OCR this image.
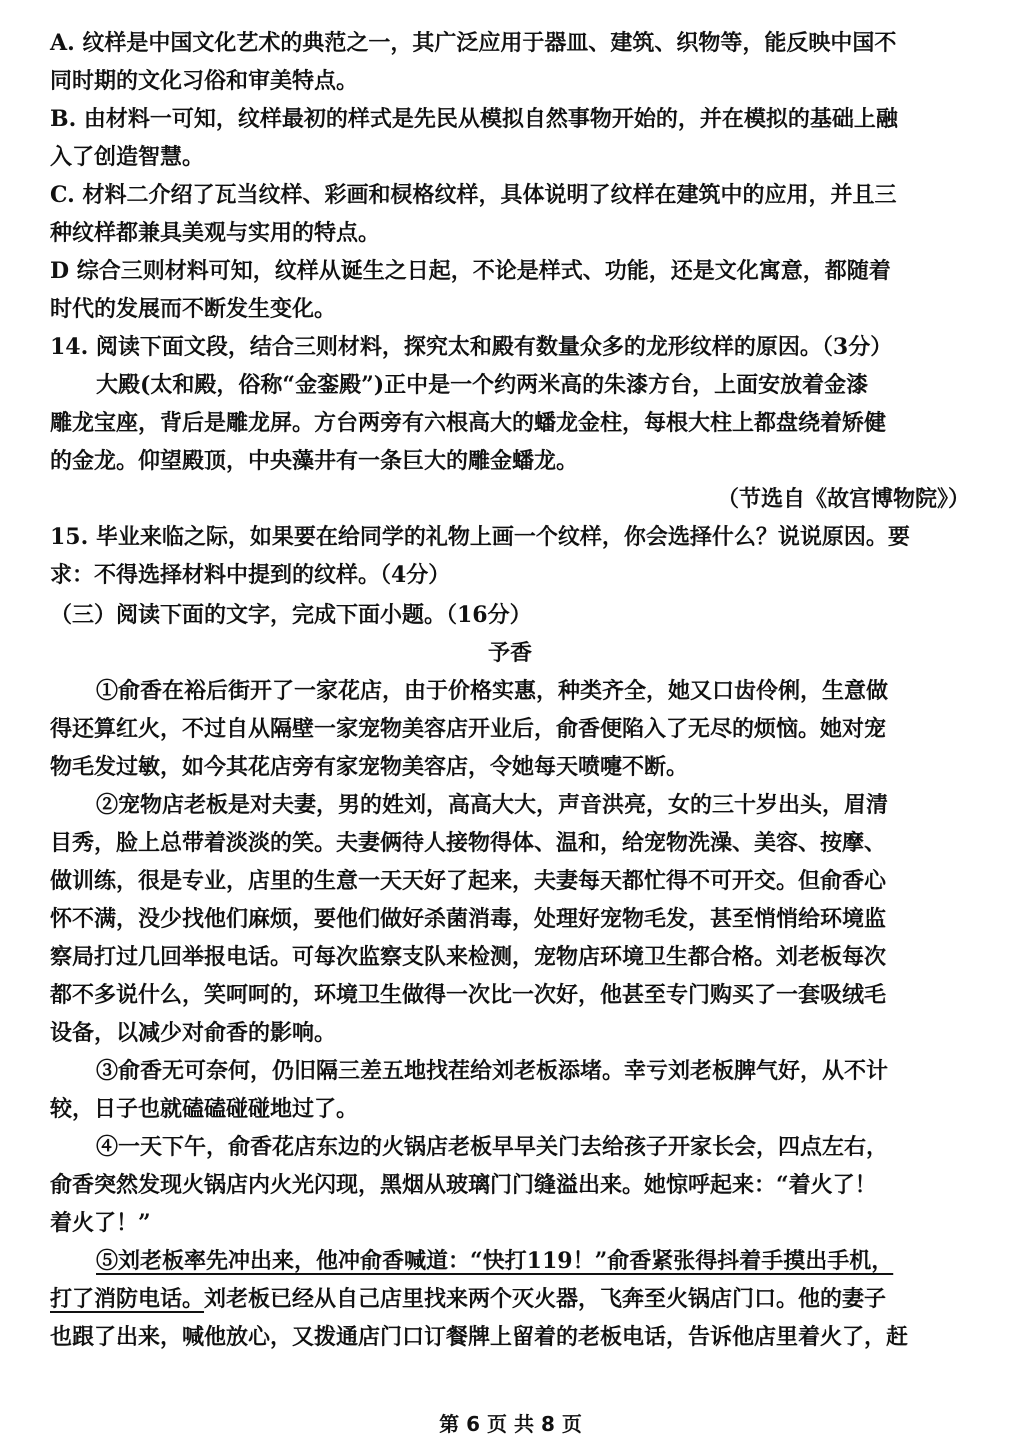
A. 纹样是中国文化艺术的典范之一，其广泛应用于器皿、建筑、织物等，能反映中国不
同时期的文化习俗和审美特点。
B. 由材料一可知，纹样最初的样式是先民从模拟自然事物开始的，并在模拟的基础上融
入了创造智慧。
C. 材料二介绍了瓦当纹样、彩画和棂格纹样，具体说明了纹样在建筑中的应用，并且三
种纹样都兼具美观与实用的特点。
D 综合三则材料可知，纹样从诞生之日起，不论是样式、功能，还是文化寓意，都随着
时代的发展而不断发生变化。
14. 阅读下面文段，结合三则材料，探究太和殿有数量众多的龙形纹样的原因。（3分）
大殿(太和殿，俗称“金銮殿”)正中是一个约两米高的朱漆方台，上面安放着金漆
雕龙宝座，背后是雕龙屏。方台两旁有六根高大的蟠龙金柱，每根大柱上都盘绕着矫健
的金龙。仰望殿顶，中央藻井有一条巨大的雕金蟠龙。
（节选自《故宫博物院》）
15. 毕业来临之际，如果要在给同学的礼物上画一个纹样，你会选择什么？说说原因。要
求：不得选择材料中提到的纹样。（4分）
（三）阅读下面的文字，完成下面小题。（16分）
予香
①俞香在裕后街开了一家花店，由于价格实惠，种类齐全，她又口齿伶俐，生意做
得还算红火，不过自从隔壁一家宠物美容店开业后，俞香便陷入了无尽的烦恼。她对宠
物毛发过敏，如今其花店旁有家宠物美容店，令她每天喷嚏不断。
②宠物店老板是对夫妻，男的姓刘，高高大大，声音洪亮，女的三十岁出头，眉清
目秀，脸上总带着淡淡的笑。夫妻俩待人接物得体、温和，给宠物洗澡、美容、按摩、
做训练，很是专业，店里的生意一天天好了起来，夫妻每天都忙得不可开交。但俞香心
怀不满，没少找他们麻烦，要他们做好杀菌消毒，处理好宠物毛发，甚至悄悄给环境监
察局打过几回举报电话。可每次监察支队来检测，宠物店环境卫生都合格。刘老板每次
都不多说什么，笑呵呵的，环境卫生做得一次比一次好，他甚至专门购买了一套吸绒毛
设备，以减少对俞香的影响。
③俞香无可奈何，仍旧隔三差五地找茬给刘老板添堵。幸亏刘老板脾气好，从不计
较，日子也就磕磕碰碰地过了。
④一天下午，俞香花店东边的火锅店老板早早关门去给孩子开家长会，四点左右，
俞香突然发现火锅店内火光闪现，黑烟从玻璃门门缝溢出来。她惊呼起来：“着火了！
着火了！”
⑤刘老板率先冲出来，他冲俞香喊道：“快打119！”俞香紧张得抖着手摸出手机，
打了消防电话。刘老板已经从自己店里找来两个灭火器，飞奔至火锅店门口。他的妻子
也跟了出来，喊他放心，又拨通店门口订餐牌上留着的老板电话，告诉他店里着火了，赶
第 6 页 共 8 页
